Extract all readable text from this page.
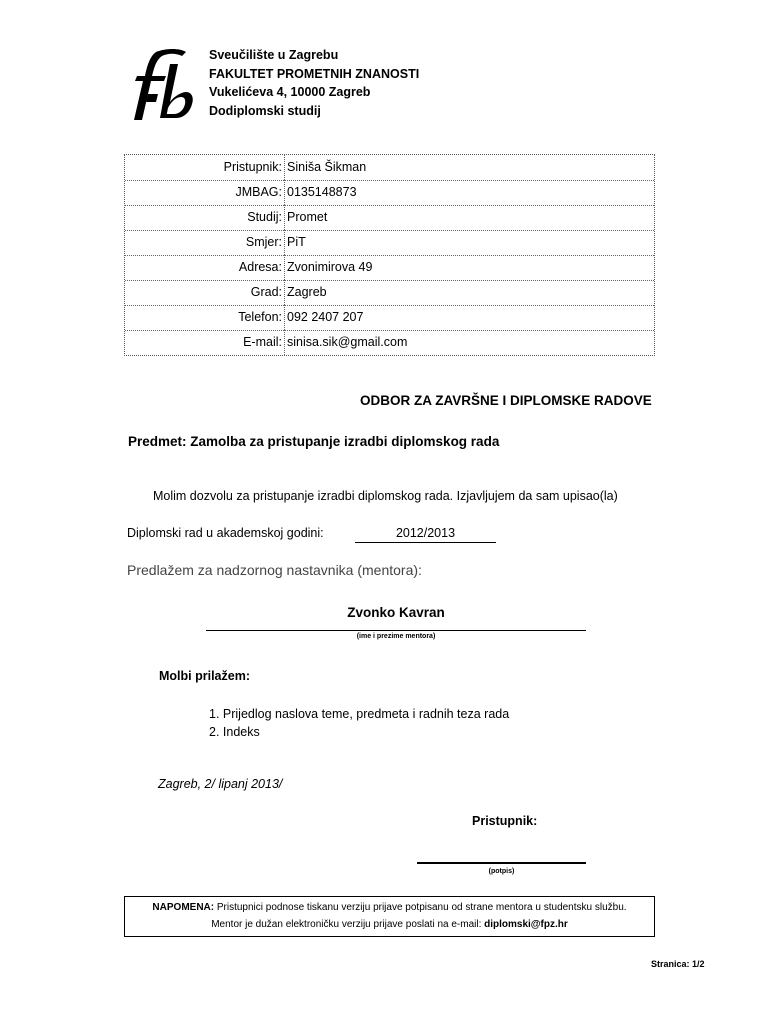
Sveučilište u Zagrebu
FAKULTET PROMETNIH ZNANOSTI
Vukelićeva 4, 10000 Zagreb
Dodiplomski studij
Pristupnik: Siniša Šikman
JMBAG: 0135148873
Studij: Promet
Smjer: PiT
Adresa: Zvonimirova 49
Grad: Zagreb
Telefon: 092 2407 207
E-mail: sinisa.sik@gmail.com
ODBOR ZA ZAVRŠNE I DIPLOMSKE RADOVE
Predmet: Zamolba za pristupanje izradbi diplomskog rada
Molim dozvolu za pristupanje izradbi diplomskog rada. Izjavljujem da sam upisao(la)
Diplomski rad u akademskoj godini:	2012/2013
Predlažem za nadzornog nastavnika (mentora):
Zvonko Kavran
(ime i prezime mentora)
Molbi prilažem:
1. Prijedlog naslova teme, predmeta i radnih teza rada
2. Indeks
Zagreb, 2/ lipanj 2013/
Pristupnik:
(potpis)
NAPOMENA: Pristupnici podnose tiskanu verziju prijave potpisanu od strane mentora u studentsku službu.
Mentor je dužan elektroničku verziju prijave poslati na e-mail: diplomski@fpz.hr
Stranica: 1/2
